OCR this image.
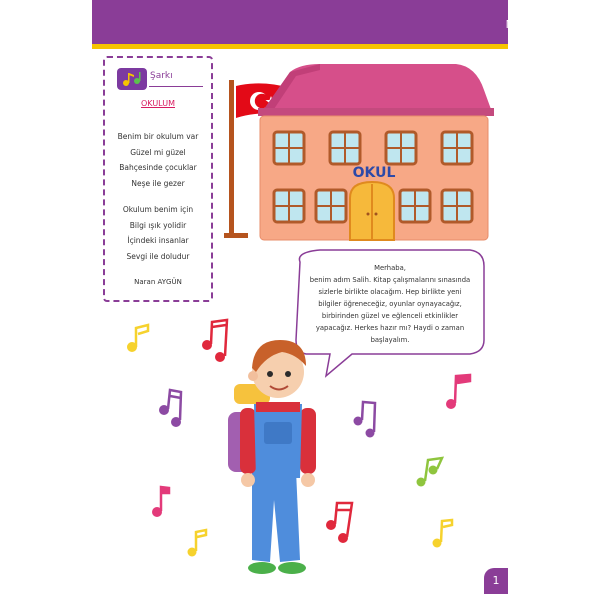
Müzik Kutusu
Şarkı
OKULUM
Benim bir okulum var
Güzel mi güzel
Bahçesinde çocuklar
Neşe ile gezer
Okulum benim için
Bilgi ışık yolidir
İçindeki insanlar
Sevgi ile doludur
Naran AYGÜN
OKUL

Merhaba,

benim adım Salih. Kitap çalışmalarını sınasında

sizlerle birlikte olacağım. Hep birlikte yeni

bilgiler öğreneceğiz, oyunlar oynayacağız,

birbirinden güzel ve eğlenceli etkinlikler

yapacağız. Herkes hazır mı? Haydi o zaman

başlayalım.

1
